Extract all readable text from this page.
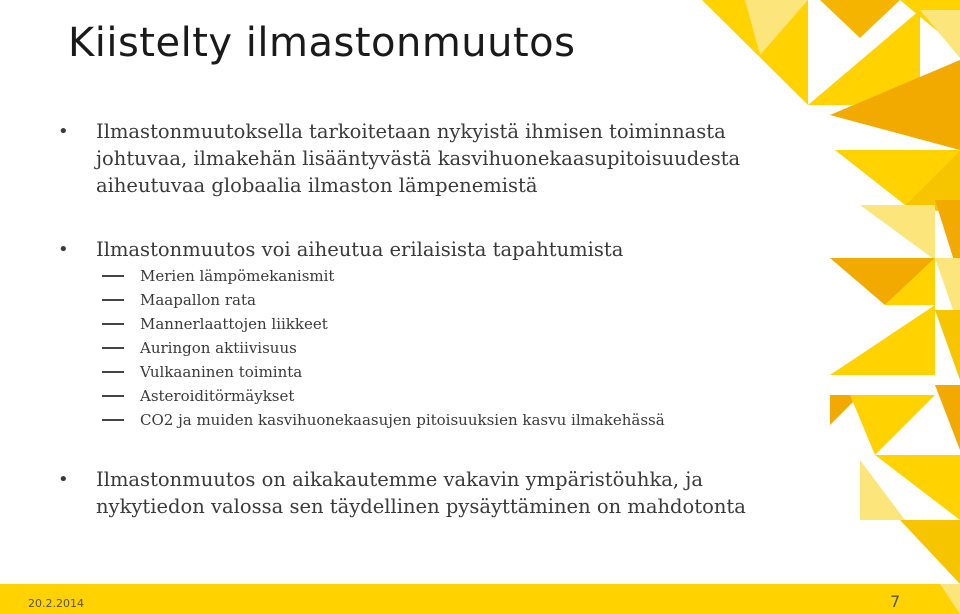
Kiistelty ilmastonmuutos
• Ilmastonmuutoksella tarkoitetaan nykyistä ihmisen toiminnasta
johtuvaa, ilmakehän lisääntyvästä kasvihuonekaasupitoisuudesta
aiheutuvaa globaalia ilmaston lämpenemistä
• Ilmastonmuutos voi aiheutua erilaisista tapahtumista
Merien lämpömekanismit
Maapallon rata
Mannerlaattojen liikkeet
Auringon aktiivisuus
Vulkaaninen toiminta
Asteroiditörmäykset
CO2 ja muiden kasvihuonekaasujen pitoisuuksien kasvu ilmakehässä
• Ilmastonmuutos on aikakautemme vakavin ympäristöuhka, ja
nykytiedon valossa sen täydellinen pysäyttäminen on mahdotonta
20.2.2014	7
